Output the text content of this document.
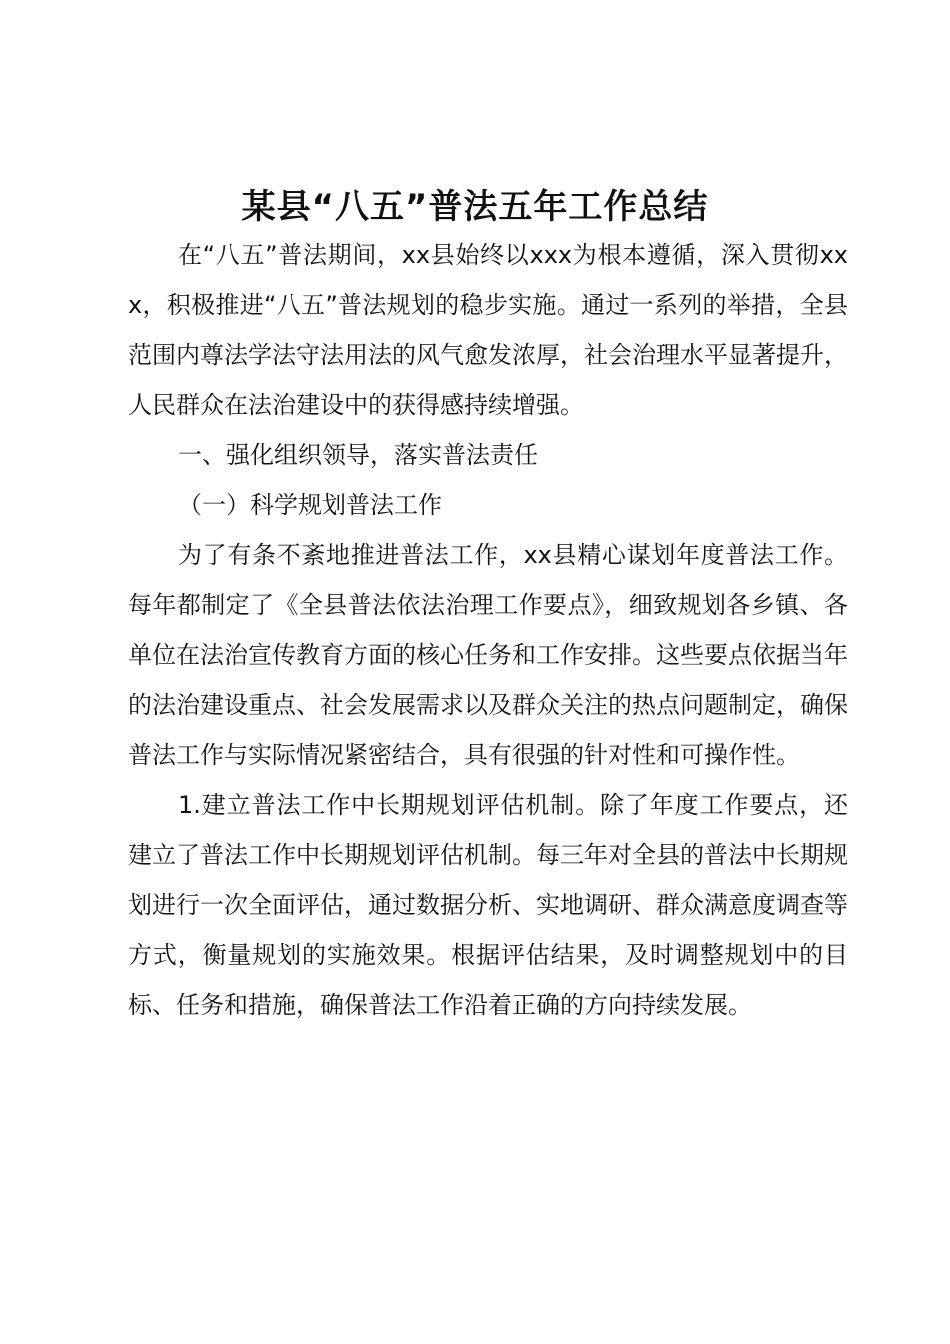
某县“八五”普法五年工作总结

在“八五”普法期间，xx县始终以xxx为根本遵循，深入贯彻xxx，积极推进“八五”普法规划的稳步实施。通过一系列的举措，全县范围内尊法学法守法用法的风气愈发浓厚，社会治理水平显著提升，人民群众在法治建设中的获得感持续增强。

一、强化组织领导，落实普法责任

（一）科学规划普法工作

为了有条不紊地推进普法工作，xx县精心谋划年度普法工作。每年都制定了《全县普法依法治理工作要点》，细致规划各乡镇、各单位在法治宣传教育方面的核心任务和工作安排。这些要点依据当年的法治建设重点、社会发展需求以及群众关注的热点问题制定，确保普法工作与实际情况紧密结合，具有很强的针对性和可操作性。

1.建立普法工作中长期规划评估机制。除了年度工作要点，还建立了普法工作中长期规划评估机制。每三年对全县的普法中长期规划进行一次全面评估，通过数据分析、实地调研、群众满意度调查等方式，衡量规划的实施效果。根据评估结果，及时调整规划中的目标、任务和措施，确保普法工作沿着正确的方向持续发展。
